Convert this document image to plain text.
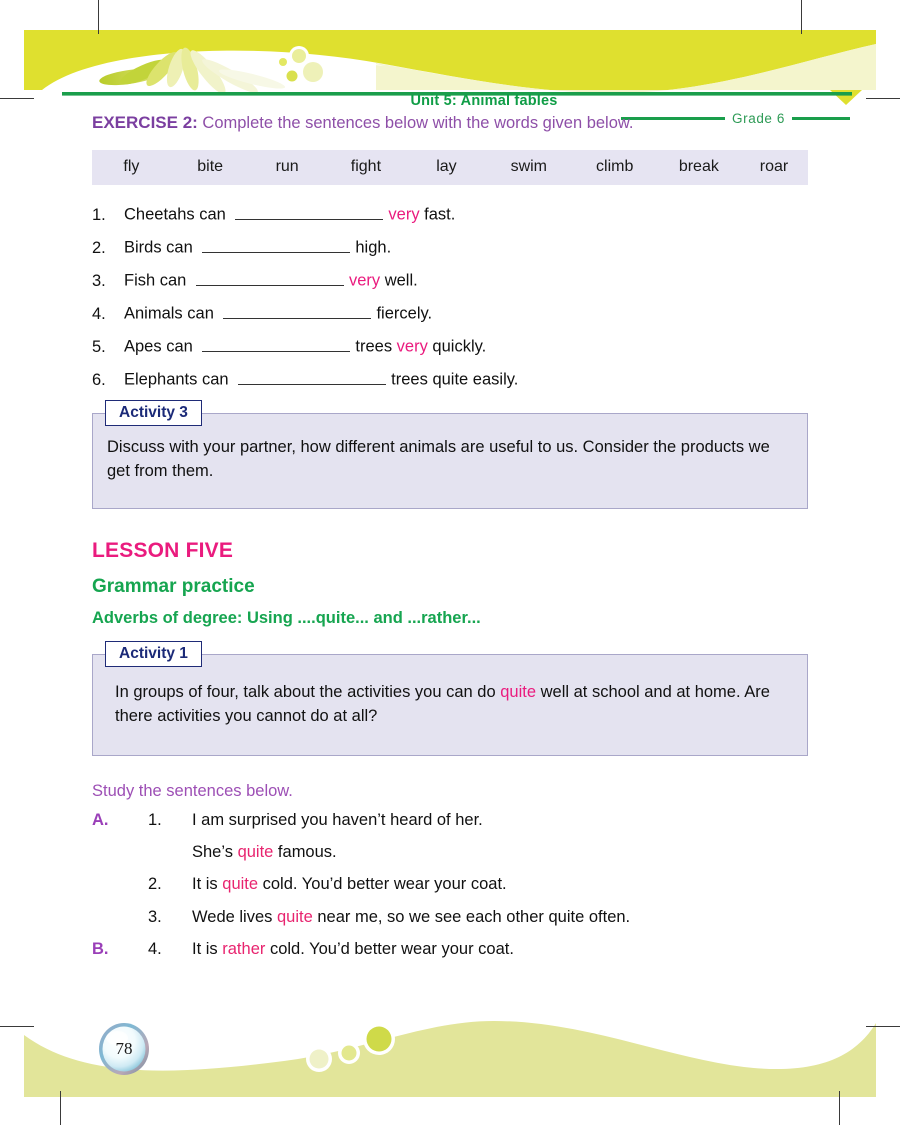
Unit 5: Animal fables
Grade 6
EXERCISE 2: Complete the sentences below with the words given below.
fly	bite	run	fight	lay	swim	climb	break	roar
1.	Cheetahs can	very fast.
2.	Birds can	high.
3.	Fish can	very well.
4.	Animals can	fiercely.
5.	Apes can	trees very quickly.
6.	Elephants can	trees quite easily.
Activity 3
Discuss with your partner, how different animals are useful to us. Consider the products we get from them.
LESSON FIVE
Grammar practice
Adverbs of degree: Using ....quite... and ...rather...
Activity 1
In groups of four, talk about the activities you can do quite well at school and at home. Are there activities you cannot do at all?
Study the sentences below.
A.	1.	I am surprised you haven’t heard of her.
She’s quite famous.
2.	It is quite cold. You’d better wear your coat.
3.	Wede lives quite near me, so we see each other quite often.
B.	4.	It is rather cold. You’d better wear your coat.
78
